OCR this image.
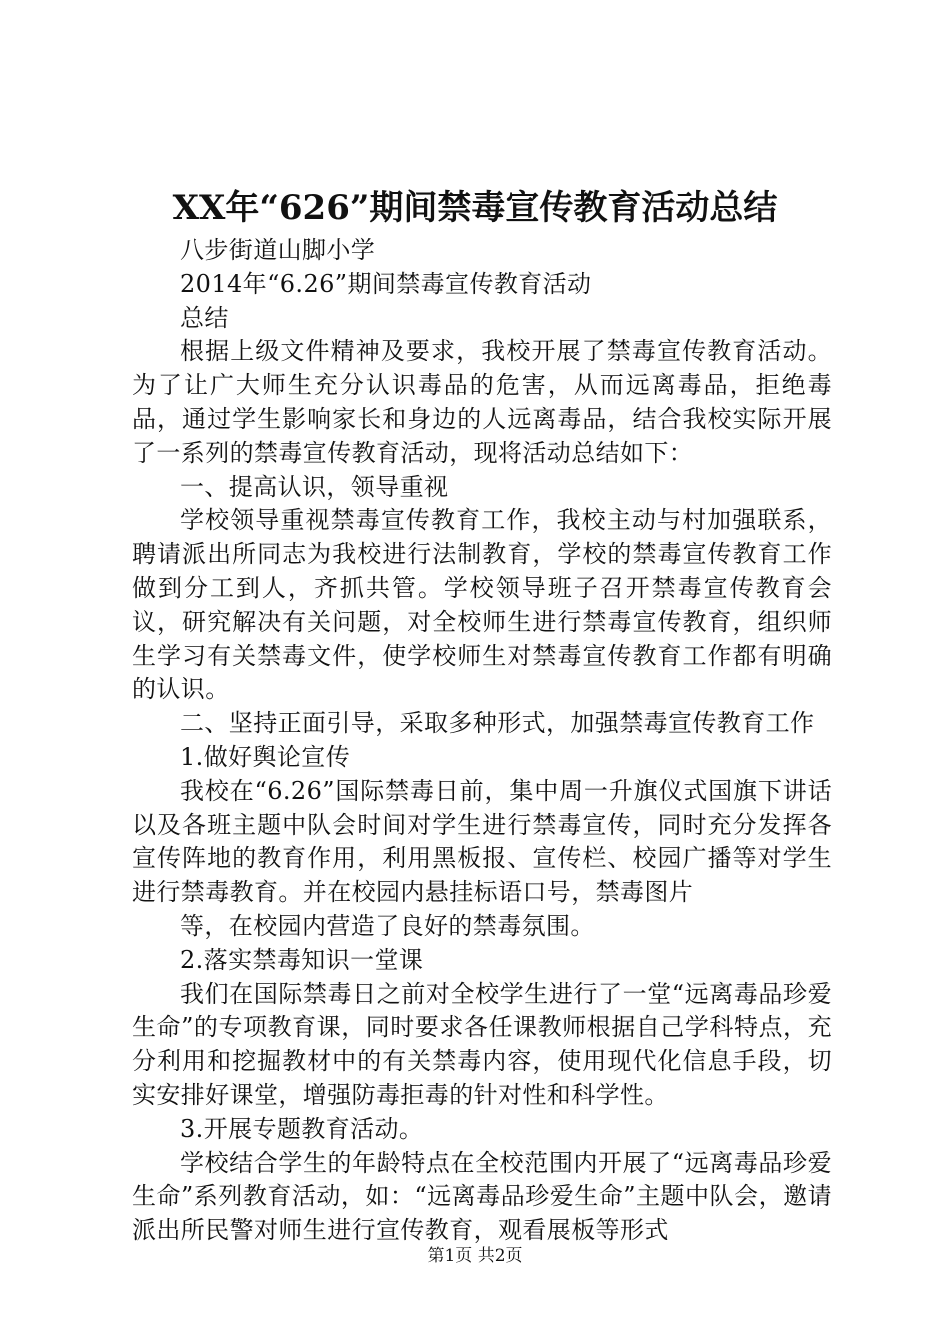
XX年“626”期间禁毒宣传教育活动总结

八步街道山脚小学

2014年“6.26”期间禁毒宣传教育活动

总结

根据上级文件精神及要求，我校开展了禁毒宣传教育活动。为了让广大师生充分认识毒品的危害，从而远离毒品，拒绝毒品，通过学生影响家长和身边的人远离毒品，结合我校实际开展了一系列的禁毒宣传教育活动，现将活动总结如下：

一、提高认识，领导重视

学校领导重视禁毒宣传教育工作，我校主动与村加强联系，聘请派出所同志为我校进行法制教育，学校的禁毒宣传教育工作做到分工到人，齐抓共管。学校领导班子召开禁毒宣传教育会议，研究解决有关问题，对全校师生进行禁毒宣传教育，组织师生学习有关禁毒文件，使学校师生对禁毒宣传教育工作都有明确的认识。

二、坚持正面引导，采取多种形式，加强禁毒宣传教育工作

1.做好舆论宣传

我校在“6.26”国际禁毒日前，集中周一升旗仪式国旗下讲话以及各班主题中队会时间对学生进行禁毒宣传，同时充分发挥各宣传阵地的教育作用，利用黑板报、宣传栏、校园广播等对学生进行禁毒教育。并在校园内悬挂标语口号，禁毒图片

等，在校园内营造了良好的禁毒氛围。

2.落实禁毒知识一堂课

我们在国际禁毒日之前对全校学生进行了一堂“远离毒品珍爱生命”的专项教育课，同时要求各任课教师根据自己学科特点，充分利用和挖掘教材中的有关禁毒内容，使用现代化信息手段，切实安排好课堂，增强防毒拒毒的针对性和科学性。

3.开展专题教育活动。

学校结合学生的年龄特点在全校范围内开展了“远离毒品珍爱生命”系列教育活动，如：“远离毒品珍爱生命”主题中队会，邀请派出所民警对师生进行宣传教育，观看展板等形式

第1页 共2页
